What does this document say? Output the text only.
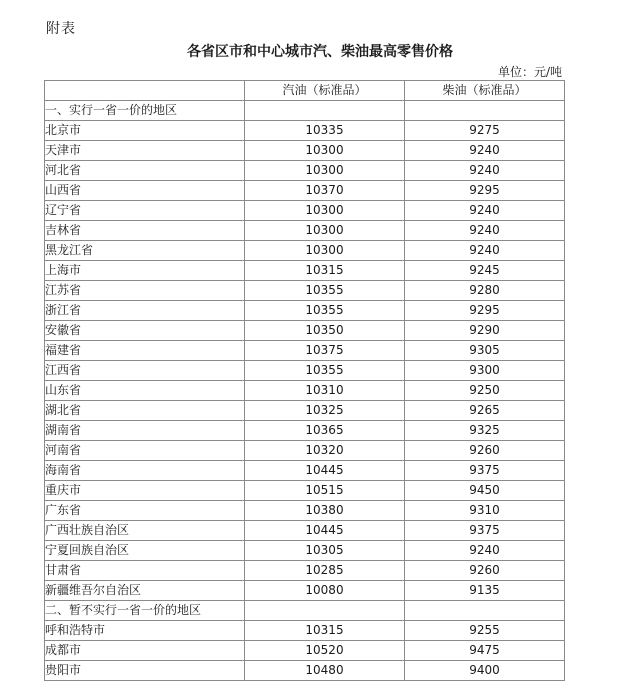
附表
各省区市和中心城市汽、柴油最高零售价格
单位：元/吨
	汽油（标准品）	柴油（标准品）
一、实行一省一价的地区		
北京市	10335	9275
天津市	10300	9240
河北省	10300	9240
山西省	10370	9295
辽宁省	10300	9240
吉林省	10300	9240
黑龙江省	10300	9240
上海市	10315	9245
江苏省	10355	9280
浙江省	10355	9295
安徽省	10350	9290
福建省	10375	9305
江西省	10355	9300
山东省	10310	9250
湖北省	10325	9265
湖南省	10365	9325
河南省	10320	9260
海南省	10445	9375
重庆市	10515	9450
广东省	10380	9310
广西壮族自治区	10445	9375
宁夏回族自治区	10305	9240
甘肃省	10285	9260
新疆维吾尔自治区	10080	9135
二、暂不实行一省一价的地区		
呼和浩特市	10315	9255
成都市	10520	9475
贵阳市	10480	9400
